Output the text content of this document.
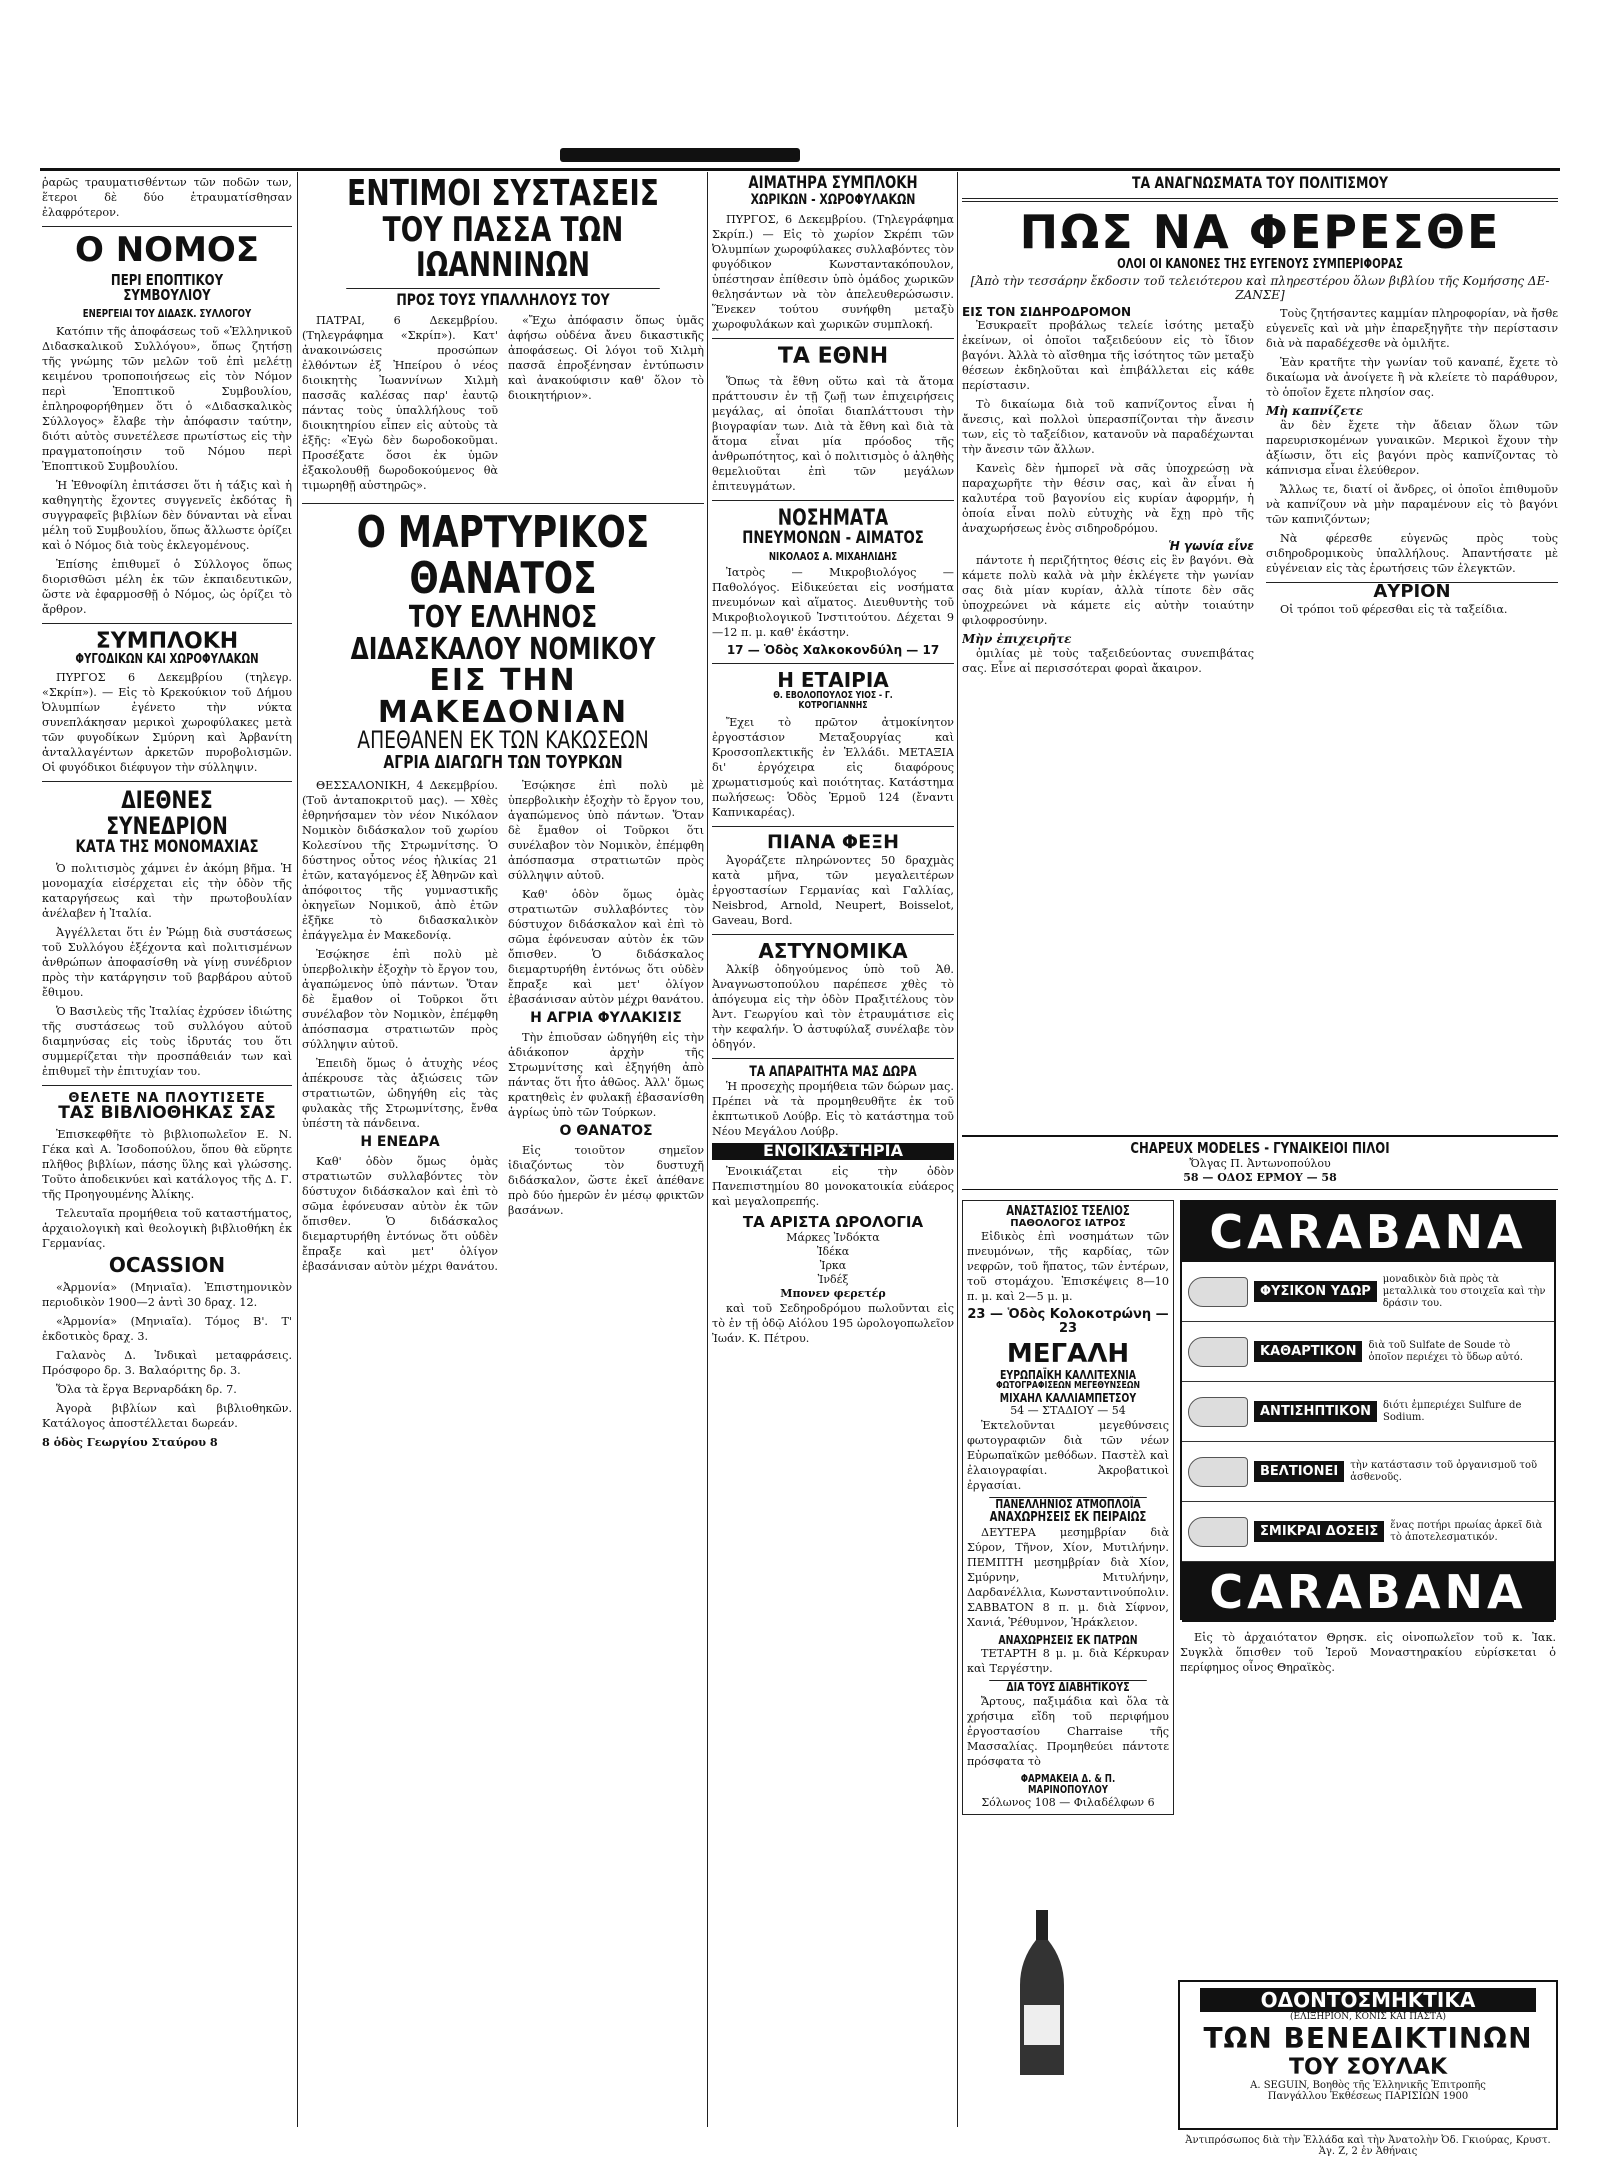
ῥαρῶς τραυματισθέντων τῶν ποδῶν των, ἕτεροι δὲ δύο ἐτραυματίσθησαν ἐλαφρότερον.

Ο ΝΟΜΟΣ
ΠΕΡΙ ΕΠΟΠΤΙΚΟΥ ΣΥΜΒΟΥΛΙΟΥ
ΕΝΕΡΓΕΙΑΙ ΤΟΥ ΔΙΔΑΣΚ. ΣΥΛΛΟΓΟΥ

Κατόπιν τῆς ἀποφάσεως τοῦ «Ἑλληνικοῦ Διδασκαλικοῦ Συλλόγου», ὅπως ζητήσῃ τῆς γνώμης τῶν μελῶν τοῦ ἐπὶ μελέτῃ κειμένου τροποποιήσεως εἰς τὸν Νόμον περὶ Ἐποπτικοῦ Συμβουλίου, ἐπληροφορήθημεν ὅτι ὁ «Διδασκαλικὸς Σύλλογος» ἔλαβε τὴν ἀπόφασιν ταύτην, διότι αὐτὸς συνετέλεσε πρωτίστως εἰς τὴν πραγματοποίησιν τοῦ Νόμου περὶ Ἐποπτικοῦ Συμβουλίου.

Ἡ Ἐθνοφίλη ἐπιτάσσει ὅτι ἡ τάξις καὶ ἡ καθηγητὴς ἔχοντες συγγενεῖς ἐκδότας ἢ συγγραφεῖς βιβλίων δὲν δύνανται νὰ εἶναι μέλη τοῦ Συμβουλίου, ὅπως ἄλλωστε ὁρίζει καὶ ὁ Νόμος διὰ τοὺς ἐκλεγομένους.

Ἐπίσης ἐπιθυμεῖ ὁ Σύλλογος ὅπως διορισθῶσι μέλη ἐκ τῶν ἐκπαιδευτικῶν, ὥστε νὰ ἐφαρμοσθῇ ὁ Νόμος, ὡς ὁρίζει τὸ ἄρθρον.

ΣΥΜΠΛΟΚΗ
ΦΥΓΟΔΙΚΩΝ ΚΑΙ ΧΩΡΟΦΥΛΑΚΩΝ

ΠΥΡΓΟΣ 6 Δεκεμβρίου (τηλεγρ. «Σκρίπ»). — Εἰς τὸ Κρεκούκιον τοῦ Δήμου Ὀλυμπίων ἐγένετο τὴν νύκτα συνεπλάκησαν μερικοὶ χωροφύλακες μετὰ τῶν φυγοδίκων Σμύρνη καὶ Ἀρβανίτη ἀνταλλαγέντων ἀρκετῶν πυροβολισμῶν. Οἱ φυγόδικοι διέφυγον τὴν σύλληψιν.

ΔΙΕΘΝΕΣ ΣΥΝΕΔΡΙΟΝ
ΚΑΤΑ ΤΗΣ ΜΟΝΟΜΑΧΙΑΣ

Ὁ πολιτισμὸς χάμνει ἐν ἀκόμη βῆμα. Ἡ μονομαχία εἰσέρχεται εἰς τὴν ὁδὸν τῆς καταργήσεως καὶ τὴν πρωτοβουλίαν ἀνέλαβεν ἡ Ἰταλία.

Ἀγγέλλεται ὅτι ἐν Ῥώμῃ διὰ συστάσεως τοῦ Συλλόγου ἐξέχοντα καὶ πολιτισμένων ἀνθρώπων ἀποφασίσθη νὰ γίνῃ συνέδριον πρὸς τὴν κατάργησιν τοῦ βαρβάρου αὐτοῦ ἔθιμου.

Ὁ Βασιλεὺς τῆς Ἰταλίας ἐχρύσεν ἰδιώτης τῆς συστάσεως τοῦ συλλόγου αὐτοῦ διαμηνύσας εἰς τοὺς ἱδρυτάς του ὅτι συμμερίζεται τὴν προσπάθειάν των καὶ ἐπιθυμεῖ τὴν ἐπιτυχίαν του.

ΘΕΛΕΤΕ ΝΑ ΠΛΟΥΤΙΣΕΤΕ
ΤΑΣ ΒΙΒΛΙΟΘΗΚΑΣ ΣΑΣ

Ἐπισκεφθῆτε τὸ βιβλιοπωλεῖον Ε. Ν. Γέκα καὶ Α. Ἰσοδοπούλου, ὅπου θὰ εὕρητε πλῆθος βιβλίων, πάσης ὕλης καὶ γλώσσης. Τοῦτο ἀποδεικνύει καὶ κατάλογος τῆς Δ. Γ. τῆς Προηγουμένης Ἀλίκης.

Τελευταῖα προμήθεια τοῦ καταστήματος, ἀρχαιολογικὴ καὶ θεολογικὴ βιβλιοθήκη ἐκ Γερμανίας.

OCASSION

«Ἀρμονία» (Μηνιαῖα). Ἐπιστημονικὸν περιοδικὸν 1900—2 ἀντὶ 30 δραχ. 12.

«Ἁρμονία» (Μηνιαῖα). Τόμος Β'. Τ' ἐκδοτικὸς δραχ. 3.

Γαλανὸς Δ. Ἰνδικαὶ μεταφράσεις. Πρόσφορο δρ. 3. Βαλαόριτης δρ. 3.

Ὅλα τὰ ἔργα Βερναρδάκη δρ. 7.

Ἀγορὰ βιβλίων καὶ βιβλιοθηκῶν. Κατάλογος ἀποστέλλεται δωρεάν.

8 ὁδὸς Γεωργίου Σταύρου 8

ΕΝΤΙΜΟΙ ΣΥΣΤΑΣΕΙΣ
ΤΟΥ ΠΑΣΣΑ ΤΩΝ ΙΩΑΝΝΙΝΩΝ
ΠΡΟΣ ΤΟΥΣ ΥΠΑΛΛΗΛΟΥΣ ΤΟΥ

ΠΑΤΡΑΙ, 6 Δεκεμβρίου. (Τηλεγράφημα «Σκρίπ»). Κατ' ἀνακοινώσεις προσώπων ἐλθόντων ἐξ Ἠπείρου ὁ νέος διοικητὴς Ἰωαννίνων Χιλμὴ πασσᾶς καλέσας παρ' ἑαυτῷ πάντας τοὺς ὑπαλλήλους τοῦ διοικητηρίου εἶπεν εἰς αὐτοὺς τὰ ἑξῆς: «Ἐγὼ δὲν δωροδοκοῦμαι. Προσέξατε ὅσοι ἐκ ὑμῶν ἐξακολουθῇ δωροδοκούμενος θὰ τιμωρηθῇ αὐστηρῶς».

«Ἔχω ἀπόφασιν ὅπως ὑμᾶς ἀφήσω οὐδένα ἄνευ δικαστικῆς ἀποφάσεως. Οἱ λόγοι τοῦ Χιλμὴ πασσᾶ ἐπροξένησαν ἐντύπωσιν καὶ ἀνακούφισιν καθ' ὅλον τὸ διοικητήριον».

Ο ΜΑΡΤΥΡΙΚΟΣ ΘΑΝΑΤΟΣ
ΤΟΥ ΕΛΛΗΝΟΣ ΔΙΔΑΣΚΑΛΟΥ ΝΟΜΙΚΟΥ
ΕΙΣ ΤΗΝ ΜΑΚΕΔΟΝΙΑΝ
ΑΠΕΘΑΝΕΝ ΕΚ ΤΩΝ ΚΑΚΩΣΕΩΝ
ΑΓΡΙΑ ΔΙΑΓΩΓΗ ΤΩΝ ΤΟΥΡΚΩΝ

ΘΕΣΣΑΛΟΝΙΚΗ, 4 Δεκεμβρίου. (Τοῦ ἀνταποκριτοῦ μας). — Χθὲς ἐθρηνήσαμεν τὸν νέον Νικόλαον Νομικὸν διδάσκαλον τοῦ χωρίου Κολεσίνου τῆς Στρωμνίτσης. Ὁ δύστηνος οὗτος νέος ἡλικίας 21 ἐτῶν, καταγόμενος ἐξ Ἀθηνῶν καὶ ἀπόφοιτος τῆς γυμναστικῆς ὀκηγεῖων Νομικοῦ, ἀπὸ ἐτῶν ἐξῆκε τὸ διδασκαλικὸν ἐπάγγελμα ἐν Μακεδονίᾳ.

Ἐσῴκησε ἐπὶ πολὺ μὲ ὑπερβολικὴν ἐξοχὴν τὸ ἔργον του, ἀγαπώμενος ὑπὸ πάντων. Ὅταν δὲ ἔμαθον οἱ Τοῦρκοι ὅτι συνέλαβον τὸν Νομικὸν, ἐπέμφθη ἀπόσπασμα στρατιωτῶν πρὸς σύλληψιν αὐτοῦ.

Ἐπειδὴ ὅμως ὁ ἀτυχὴς νέος ἀπέκρουσε τὰς ἀξιώσεις τῶν στρατιωτῶν, ὡδηγήθη εἰς τὰς φυλακὰς τῆς Στρωμνίτσης, ἔνθα ὑπέστη τὰ πάνδεινα.

Η ΕΝΕΔΡΑ

Καθ' ὁδὸν ὅμως ὁμὰς στρατιωτῶν συλλαβόντες τὸν δύστυχον διδάσκαλον καὶ ἐπὶ τὸ σῶμα ἐφόνευσαν αὐτὸν ἐκ τῶν ὄπισθεν. Ὁ διδάσκαλος διεμαρτυρήθη ἐντόνως ὅτι οὐδὲν ἔπραξε καὶ μετ' ὀλίγον ἐβασάνισαν αὐτὸν μέχρι θανάτου.

Ἐσῴκησε ἐπὶ πολὺ μὲ ὑπερβολικὴν ἐξοχὴν τὸ ἔργον του, ἀγαπώμενος ὑπὸ πάντων. Ὅταν δὲ ἔμαθον οἱ Τοῦρκοι ὅτι συνέλαβον τὸν Νομικὸν, ἐπέμφθη ἀπόσπασμα στρατιωτῶν πρὸς σύλληψιν αὐτοῦ.

Καθ' ὁδὸν ὅμως ὁμὰς στρατιωτῶν συλλαβόντες τὸν δύστυχον διδάσκαλον καὶ ἐπὶ τὸ σῶμα ἐφόνευσαν αὐτὸν ἐκ τῶν ὄπισθεν. Ὁ διδάσκαλος διεμαρτυρήθη ἐντόνως ὅτι οὐδὲν ἔπραξε καὶ μετ' ὀλίγον ἐβασάνισαν αὐτὸν μέχρι θανάτου.

Η ΑΓΡΙΑ ΦΥΛΑΚΙΣΙΣ

Τὴν ἐπιοῦσαν ὡδηγήθη εἰς τὴν ἀδιάκοπον ἀρχὴν τῆς Στρωμνίτσης καὶ ἐξηγήθη ἀπὸ πάντας ὅτι ἦτο ἀθῶος. Ἀλλ' ὅμως κρατηθεὶς ἐν φυλακῇ ἐβασανίσθη ἀγρίως ὑπὸ τῶν Τούρκων.

Ο ΘΑΝΑΤΟΣ

Εἰς τοιοῦτον σημεῖον ἰδιαζόντως τὸν δυστυχῆ διδάσκαλον, ὥστε ἐκεῖ ἀπέθανε πρὸ δύο ἡμερῶν ἐν μέσῳ φρικτῶν βασάνων.

ΑΙΜΑΤΗΡΑ ΣΥΜΠΛΟΚΗ
ΧΩΡΙΚΩΝ - ΧΩΡΟΦΥΛΑΚΩΝ

ΠΥΡΓΟΣ, 6 Δεκεμβρίου. (Τηλεγράφημα Σκρίπ.) — Εἰς τὸ χωρίον Σκρέπι τῶν Ὀλυμπίων χωροφύλακες συλλαβόντες τὸν φυγόδικον Κωνσταντακόπουλον, ὑπέστησαν ἐπίθεσιν ὑπὸ ὁμάδος χωρικῶν θελησάντων νὰ τὸν ἀπελευθερώσωσιν. Ἕνεκεν τούτου συνήφθη μεταξὺ χωροφυλάκων καὶ χωρικῶν συμπλοκή.

ΤΑ ΕΘΝΗ

Ὅπως τὰ ἔθνη οὕτω καὶ τὰ ἄτομα πράττουσιν ἐν τῇ ζωῇ των ἐπιχειρήσεις μεγάλας, αἱ ὁποῖαι διαπλάττουσι τὴν βιογραφίαν των. Διὰ τὰ ἔθνη καὶ διὰ τὰ ἄτομα εἶναι μία πρόοδος τῆς ἀνθρωπότητος, καὶ ὁ πολιτισμὸς ὁ ἀληθὴς θεμελιοῦται ἐπὶ τῶν μεγάλων ἐπιτευγμάτων.

ΝΟΣΗΜΑΤΑ
ΠΝΕΥΜΟΝΩΝ - ΑΙΜΑΤΟΣ
ΝΙΚΟΛΑΟΣ Α. ΜΙΧΑΗΛΙΔΗΣ

Ἰατρὸς — Μικροβιολόγος — Παθολόγος. Εἰδικεύεται εἰς νοσήματα πνευμόνων καὶ αἵματος. Διευθυντὴς τοῦ Μικροβιολογικοῦ Ἰνστιτούτου. Δέχεται 9—12 π. μ. καθ' ἑκάστην.

17 — Ὁδὸς Χαλκοκονδύλη — 17
Η ΕΤΑΙΡΙΑ
Θ. ΕΒΟΛΟΠΟΥΛΟΣ ΥΙΟΣ - Γ. ΚΟΤΡΟΓΙΑΝΝΗΣ

Ἔχει τὸ πρῶτον ἀτμοκίνητον ἐργοστάσιον Μεταξουργίας καὶ Κροσσοπλεκτικῆς ἐν Ἑλλάδι. ΜΕΤΑΞΙΑ δι' ἐργόχειρα εἰς διαφόρους χρωματισμούς καὶ ποιότητας. Κατάστημα πωλήσεως: Ὁδὸς Ἑρμοῦ 124 (ἔναντι Καπνικαρέας).

ΠΙΑΝΑ ΦΕΞΗ

Ἀγοράζετε πληρώνοντες 50 δραχμὰς κατὰ μῆνα, τῶν μεγαλειτέρων ἐργοστασίων Γερμανίας καὶ Γαλλίας, Neisbrod, Arnold, Neupert, Boisselot, Gaveau, Bord.

ΑΣΤΥΝΟΜΙΚΑ

Ἀλκίβ ὀδηγούμενος ὑπὸ τοῦ Ἀθ. Ἀναγνωστοπούλου παρέπεσε χθὲς τὸ ἀπόγευμα εἰς τὴν ὁδὸν Πραξιτέλους τὸν Ἀντ. Γεωργίου καὶ τὸν ἐτραυμάτισε εἰς τὴν κεφαλήν. Ὁ ἀστυφύλαξ συνέλαβε τὸν ὁδηγόν.

ΤΑ ΑΠΑΡΑΙΤΗΤΑ ΜΑΣ ΔΩΡΑ

Ἡ προσεχὴς προμήθεια τῶν δώρων μας. Πρέπει νὰ τὰ προμηθευθῆτε ἐκ τοῦ ἐκπτωτικοῦ Λούβρ. Εἰς τὸ κατάστημα τοῦ Νέου Μεγάλου Λούβρ.

ΕΝΟΙΚΙΑΣΤΗΡΙΑ

Ἐνοικιάζεται εἰς τὴν ὁδὸν Πανεπιστημίου 80 μονοκατοικία εὐάερος καὶ μεγαλοπρεπής.

ΤΑ ΑΡΙΣΤΑ ΩΡΟΛΟΓΙΑ
Μάρκες Ἰνδόκτα
Ἰδέκα
Ἰρκα
Ἰνδέξ
Μπονεν φερετέρ

καὶ τοῦ Σεδηροδρόμου πωλοῦνται εἰς τὸ ἐν τῇ ὁδῷ Αἰόλου 195 ὡρολογοπωλεῖον Ἰωάν. Κ. Πέτρου.

ΤΑ ΑΝΑΓΝΩΣΜΑΤΑ ΤΟΥ ΠΟΛΙΤΙΣΜΟΥ
ΠΩΣ ΝΑ ΦΕΡΕΣΘΕ
ΟΛΟΙ ΟΙ ΚΑΝΟΝΕΣ ΤΗΣ ΕΥΓΕΝΟΥΣ ΣΥΜΠΕΡΙΦΟΡΑΣ
[Ἀπὸ τὴν τεσσάρην ἔκδοσιν τοῦ τελειότερου καὶ πληρεστέρου ὅλων βιβλίου τῆς Κομήσσης ΔΕ-ΖΑΝΣΕ]
ΕΙΣ ΤΟΝ ΣΙΔΗΡΟΔΡΟΜΟΝ

Ἐσυκραεῖτ προβάλως τελείε ἰσότης μεταξὺ ἐκείνων, οἱ ὁποῖοι ταξειδεύουν εἰς τὸ ἴδιον βαγόνι. Ἀλλὰ τὸ αἴσθημα τῆς ἰσότητος τῶν μεταξὺ θέσεων ἐκδηλοῦται καὶ ἐπιβάλλεται εἰς κάθε περίστασιν.

Τὸ δικαίωμα διὰ τοῦ καπνίζοντος εἶναι ἡ ἄνεσις, καὶ πολλοὶ ὑπερασπίζονται τὴν ἄνεσιν των, εἰς τὸ ταξείδιον, κατανοῦν νὰ παραδέχωνται τὴν ἄνεσιν τῶν ἄλλων.

Κανεὶς δὲν ἠμπορεῖ νὰ σᾶς ὑποχρεώσῃ νὰ παραχωρῆτε τὴν θέσιν σας, καὶ ἂν εἶναι ἡ καλυτέρα τοῦ βαγονίου εἰς κυρίαν ἀφορμήν, ἡ ὁποία εἶναι πολὺ εὐτυχὴς νὰ ἔχῃ πρὸ τῆς ἀναχωρήσεως ἑνὸς σιδηροδρόμου.

Ἡ γωνία εἶνε

πάντοτε ἡ περιζήτητος θέσις εἰς ἓν βαγόνι. Θὰ κάμετε πολὺ καλὰ νὰ μὴν ἐκλέγετε τὴν γωνίαν σας διὰ μίαν κυρίαν, ἀλλὰ τίποτε δὲν σᾶς ὑποχρεώνει νὰ κάμετε εἰς αὐτὴν τοιαύτην φιλοφροσύνην.

Μὴν ἐπιχειρῆτε

ὁμιλίας μὲ τοὺς ταξειδεύοντας συνεπιβάτας σας. Εἶνε αἱ περισσότεραι φοραὶ ἄκαιρον.

Τοὺς ζητήσαντες καμμίαν πληροφορίαν, νὰ ἤσθε εὐγενεῖς καὶ νὰ μὴν ἐπαρεξηγῆτε τὴν περίστασιν διὰ νὰ παραδέχεσθε νὰ ὁμιλῆτε.

Ἐὰν κρατῆτε τὴν γωνίαν τοῦ καναπέ, ἔχετε τὸ δικαίωμα νὰ ἀνοίγετε ἢ νὰ κλείετε τὸ παράθυρον, τὸ ὁποῖον ἔχετε πλησίον σας.

Μὴ καπνίζετε

ἂν δὲν ἔχετε τὴν ἄδειαν ὅλων τῶν παρευρισκομένων γυναικῶν. Μερικοὶ ἔχουν τὴν ἀξίωσιν, ὅτι εἰς βαγόνι πρὸς καπνίζοντας τὸ κάπνισμα εἶναι ἐλεύθερον.

Ἄλλως τε, διατί οἱ ἄνδρες, οἱ ὁποῖοι ἐπιθυμοῦν νὰ καπνίζουν νὰ μὴν παραμένουν εἰς τὸ βαγόνι τῶν καπνιζόντων;

Νὰ φέρεσθε εὐγενῶς πρὸς τοὺς σιδηροδρομικοὺς ὑπαλλήλους. Ἀπαντήσατε μὲ εὐγένειαν εἰς τὰς ἐρωτήσεις τῶν ἐλεγκτῶν.

ΑΥΡΙΟΝ

Οἱ τρόποι τοῦ φέρεσθαι εἰς τὰ ταξείδια.

CHAPEUX MODELES - ΓΥΝΑΙΚΕΙΟΙ ΠΙΛΟΙ
Ὄλγας Π. Ἀντωνοπούλου
58 — ΟΔΟΣ ΕΡΜΟΥ — 58
ΑΝΑΣΤΑΣΙΟΣ ΤΣΕΛΙΟΣ
ΠΑΘΟΛΟΓΟΣ ΙΑΤΡΟΣ

Εἰδικὸς ἐπὶ νοσημάτων τῶν πνευμόνων, τῆς καρδίας, τῶν νεφρῶν, τοῦ ἥπατος, τῶν ἐντέρων, τοῦ στομάχου. Ἐπισκέψεις 8—10 π. μ. καὶ 2—5 μ. μ.

23 — Ὁδὸς Κολοκοτρώνη — 23
ΜΕΓΑΛΗ
ΕΥΡΩΠΑΪΚΗ ΚΑΛΛΙΤΕΧΝΙΑ
ΦΩΤΟΓΡΑΦΙΣΕΩΝ ΜΕΓΕΘΥΝΣΕΩΝ
ΜΙΧΑΗΛ ΚΑΛΛΙΑΜΠΕΤΣΟΥ
54 — ΣΤΑΔΙΟΥ — 54

Ἐκτελοῦνται μεγεθύνσεις φωτογραφιῶν διὰ τῶν νέων Εὐρωπαϊκῶν μεθόδων. Παστὲλ καὶ ἐλαιογραφίαι. Ἀκροβατικοὶ ἐργασίαι.

ΠΑΝΕΛΛΗΝΙΟΣ ΑΤΜΟΠΛΟΪΑ
ΑΝΑΧΩΡΗΣΕΙΣ ΕΚ ΠΕΙΡΑΙΩΣ

ΔΕΥΤΕΡΑ μεσημβρίαν διὰ Σύρον, Τῆνον, Χίον, Μυτιλήνην. ΠΕΜΠΤΗ μεσημβρίαν διὰ Χίον, Σμύρνην, Μιτυλήνην, Δαρδανέλλια, Κωνσταντινούπολιν. ΣΑΒΒΑΤΟΝ 8 π. μ. διὰ Σίφνον, Χανιά, Ῥέθυμνον, Ἡράκλειον.

ΑΝΑΧΩΡΗΣΕΙΣ ΕΚ ΠΑΤΡΩΝ

ΤΕΤΑΡΤΗ 8 μ. μ. διὰ Κέρκυραν καὶ Τεργέστην.

ΔΙΑ ΤΟΥΣ ΔΙΑΒΗΤΙΚΟΥΣ

Ἄρτους, παξιμάδια καὶ ὅλα τὰ χρήσιμα εἴδη τοῦ περιφήμου ἐργοστασίου Charraise τῆς Μασσαλίας. Προμηθεύει πάντοτε πρόσφατα τὸ

ΦΑΡΜΑΚΕΙΑ Δ. & Π. ΜΑΡΙΝΟΠΟΥΛΟΥ
Σόλωνος 108 — Φιλαδέλφων 6
CARABANA
ΦΥΣΙΚΟΝ ΥΔΩΡ
μοναδικὸν διὰ πρὸς τὰ μεταλλικὰ του στοιχεῖα καὶ τὴν δράσιν του.
ΚΑΘΑΡΤΙΚΟΝ	διὰ τοῦ Sulfate de Soude τὸ ὁποῖον περιέχει τὸ ὕδωρ αὐτό.
ΑΝΤΙΣΗΠΤΙΚΟΝ	διότι ἐμπεριέχει Sulfure de Sodium.
ΒΕΛΤΙΟΝΕΙ	τὴν κατάστασιν τοῦ ὀργανισμοῦ τοῦ ἀσθενοῦς.
ΣΜΙΚΡΑΙ ΔΟΣΕΙΣ	ἕνας ποτήρι πρωίας ἀρκεῖ διὰ τὸ ἀποτελεσματικόν.
CARABANA

Εἰς τὸ ἀρχαιότατον Θρησκ. εἰς οἰνοπωλεῖον τοῦ κ. Ἰακ. Συγκλὰ ὅπισθεν τοῦ Ἱεροῦ Μοναστηρακίου εὑρίσκεται ὁ περίφημος οἶνος Θηραϊκὸς.

ΟΔΟΝΤΟΣΜΗΚΤΙΚΑ
(ΕΛΙΞΗΡΙΟΝ, ΚΟΝΙΣ ΚΑΙ ΠΑΣΤΑ)
ΤΩΝ ΒΕΝΕΔΙΚΤΙΝΩΝ
ΤΟΥ ΣΟΥΛΑΚ
Α. SEGUIN, Βοηθὸς τῆς Ἑλληνικῆς Ἐπιτροπῆς
Πανγάλλου Ἐκθέσεως ΠΑΡΙΣΙΩΝ 1900
Ἀντιπρόσωπος διὰ τὴν Ἑλλάδα καὶ τὴν Ἀνατολὴν Ὀδ. Γκιούρας, Κρυστ. Ἁγ. Ζ, 2 ἐν Ἀθήναις
